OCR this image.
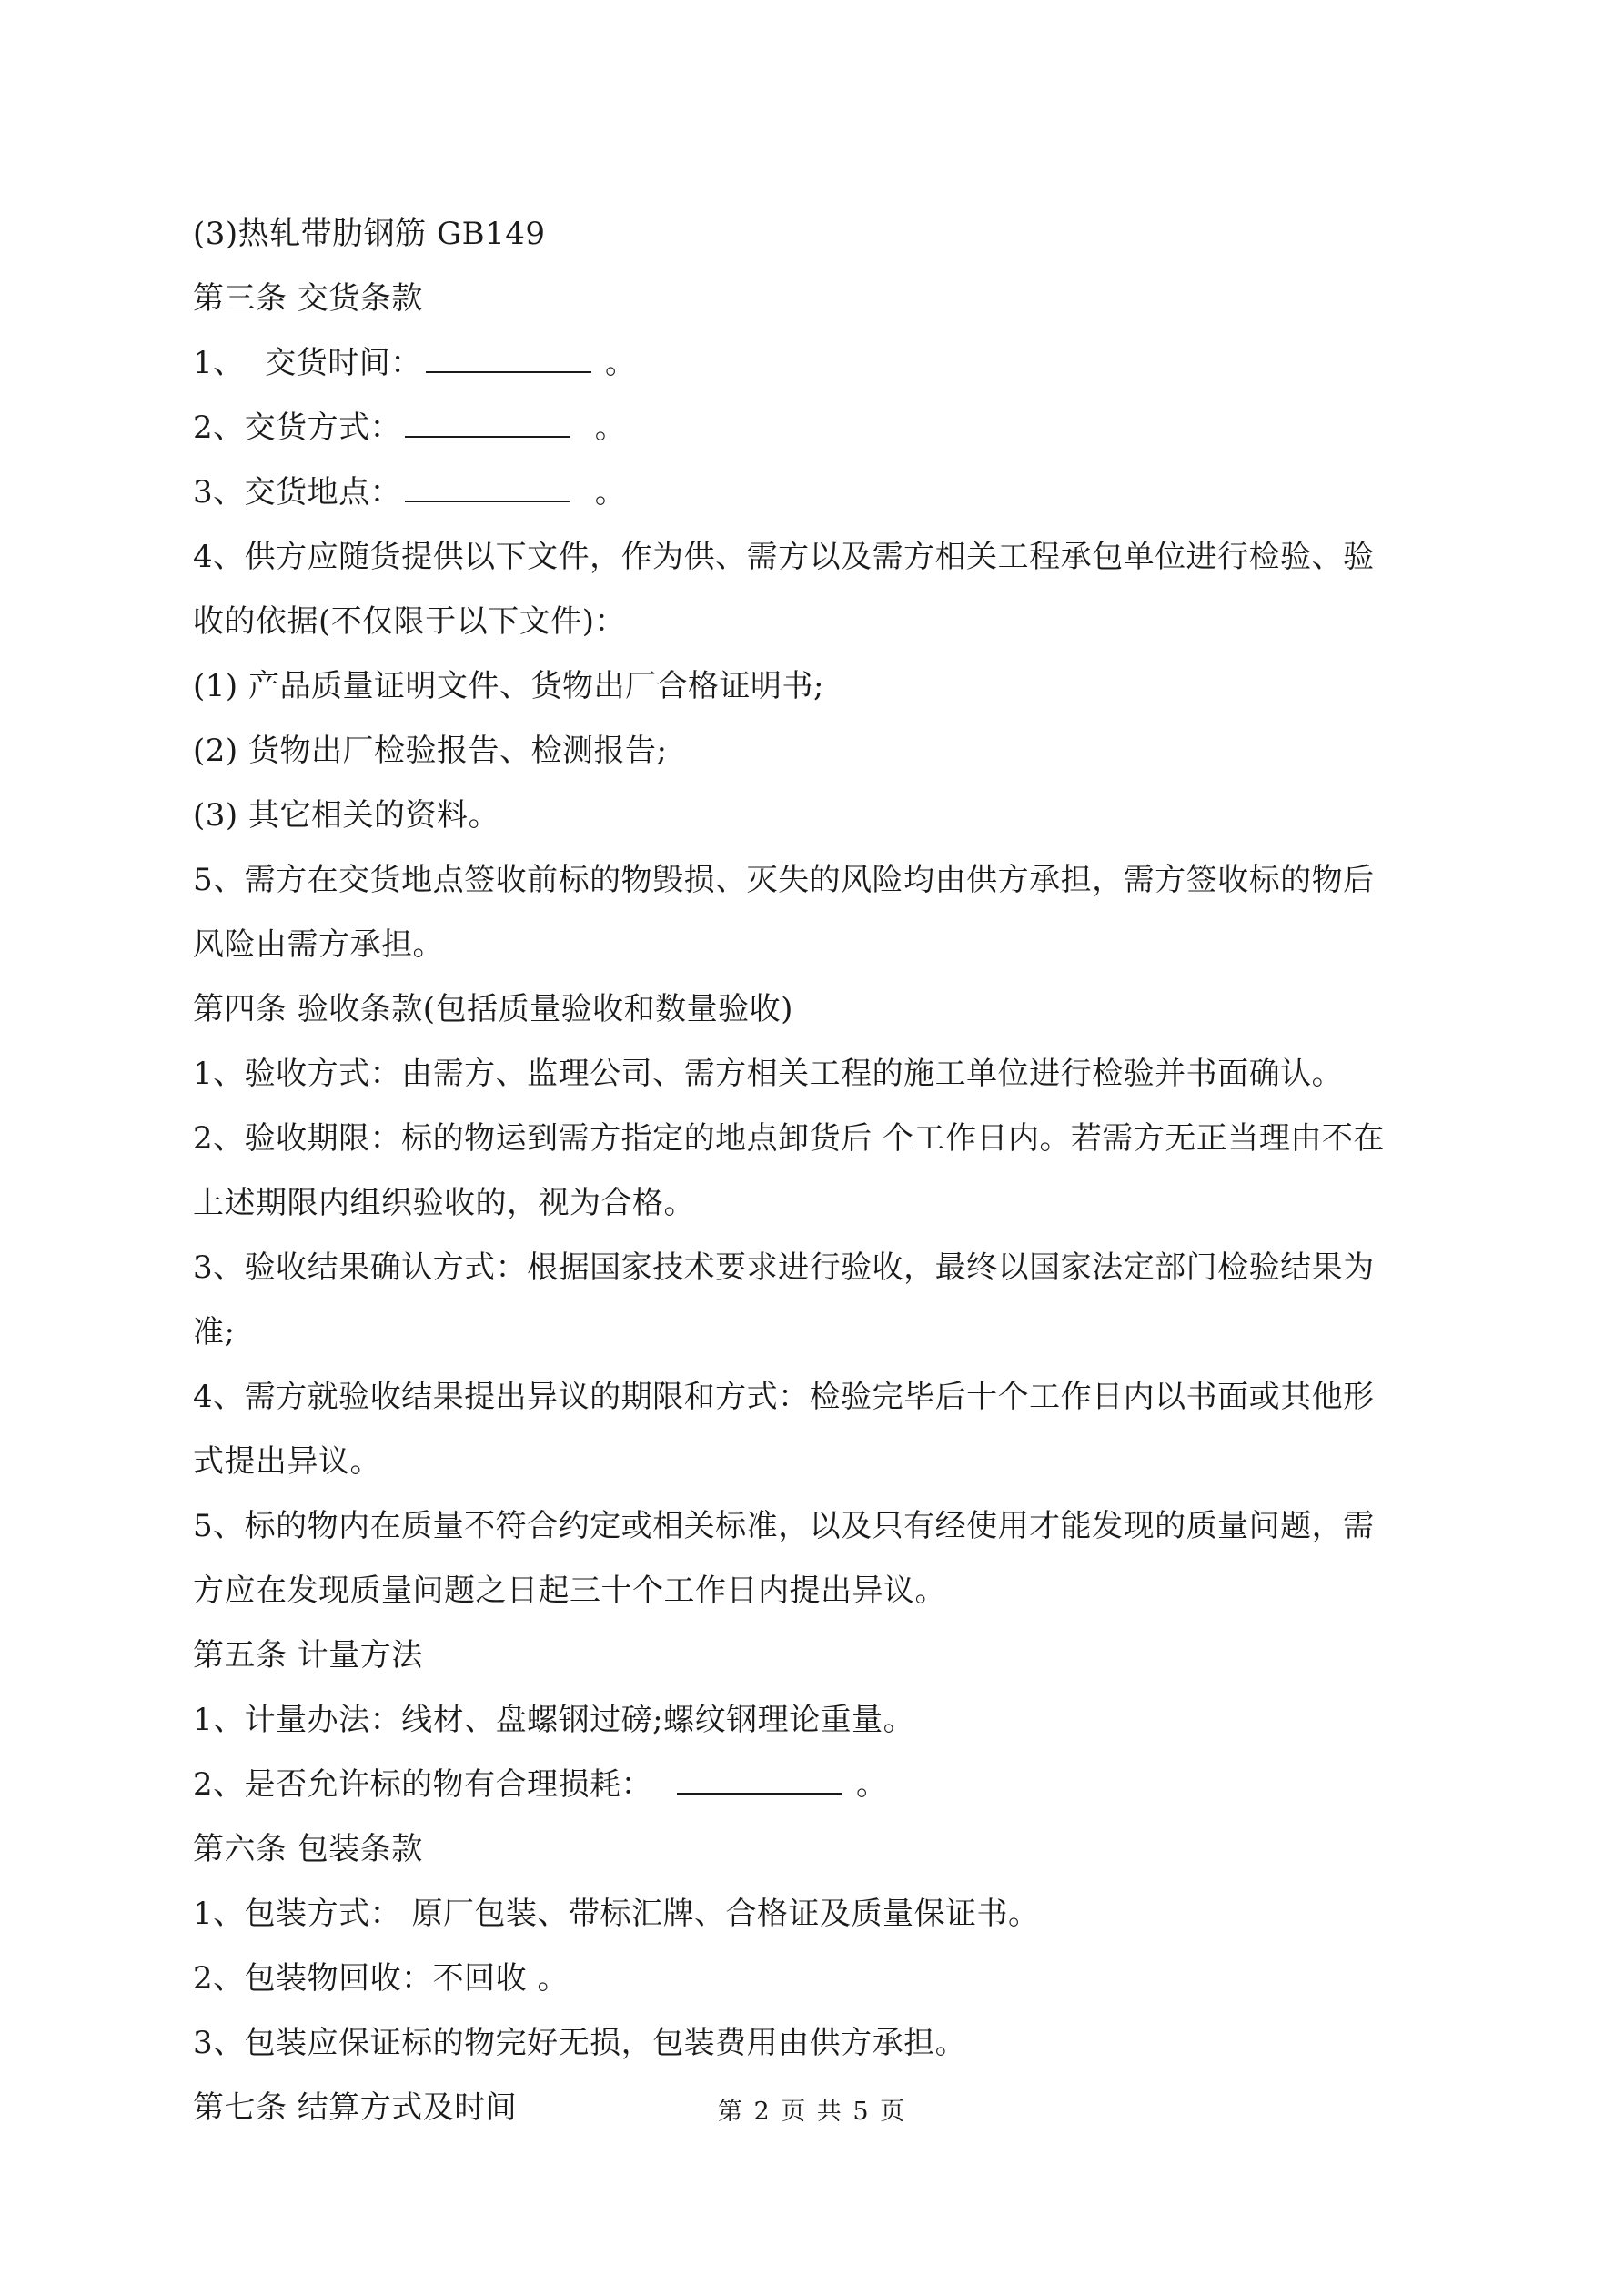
(3)热轧带肋钢筋 GB149
第三条 交货条款
1、  交货时间：	。
2、交货方式：	。
3、交货地点：	。
4、供方应随货提供以下文件，作为供、需方以及需方相关工程承包单位进行检验、验
收的依据(不仅限于以下文件)：
(1) 产品质量证明文件、货物出厂合格证明书;
(2) 货物出厂检验报告、检测报告;
(3) 其它相关的资料。
5、需方在交货地点签收前标的物毁损、灭失的风险均由供方承担，需方签收标的物后
风险由需方承担。
第四条 验收条款(包括质量验收和数量验收)
1、验收方式：由需方、监理公司、需方相关工程的施工单位进行检验并书面确认。
2、验收期限：标的物运到需方指定的地点卸货后 个工作日内。若需方无正当理由不在
上述期限内组织验收的，视为合格。
3、验收结果确认方式：根据国家技术要求进行验收，最终以国家法定部门检验结果为
准;
4、需方就验收结果提出异议的期限和方式：检验完毕后十个工作日内以书面或其他形
式提出异议。
5、标的物内在质量不符合约定或相关标准，以及只有经使用才能发现的质量问题，需
方应在发现质量问题之日起三十个工作日内提出异议。
第五条 计量方法
1、计量办法：线材、盘螺钢过磅;螺纹钢理论重量。
2、是否允许标的物有合理损耗：	。
第六条 包装条款
1、包装方式： 原厂包装、带标汇牌、合格证及质量保证书。
2、包装物回收：不回收 。
3、包装应保证标的物完好无损，包装费用由供方承担。
第七条 结算方式及时间	第 2 页 共 5 页
